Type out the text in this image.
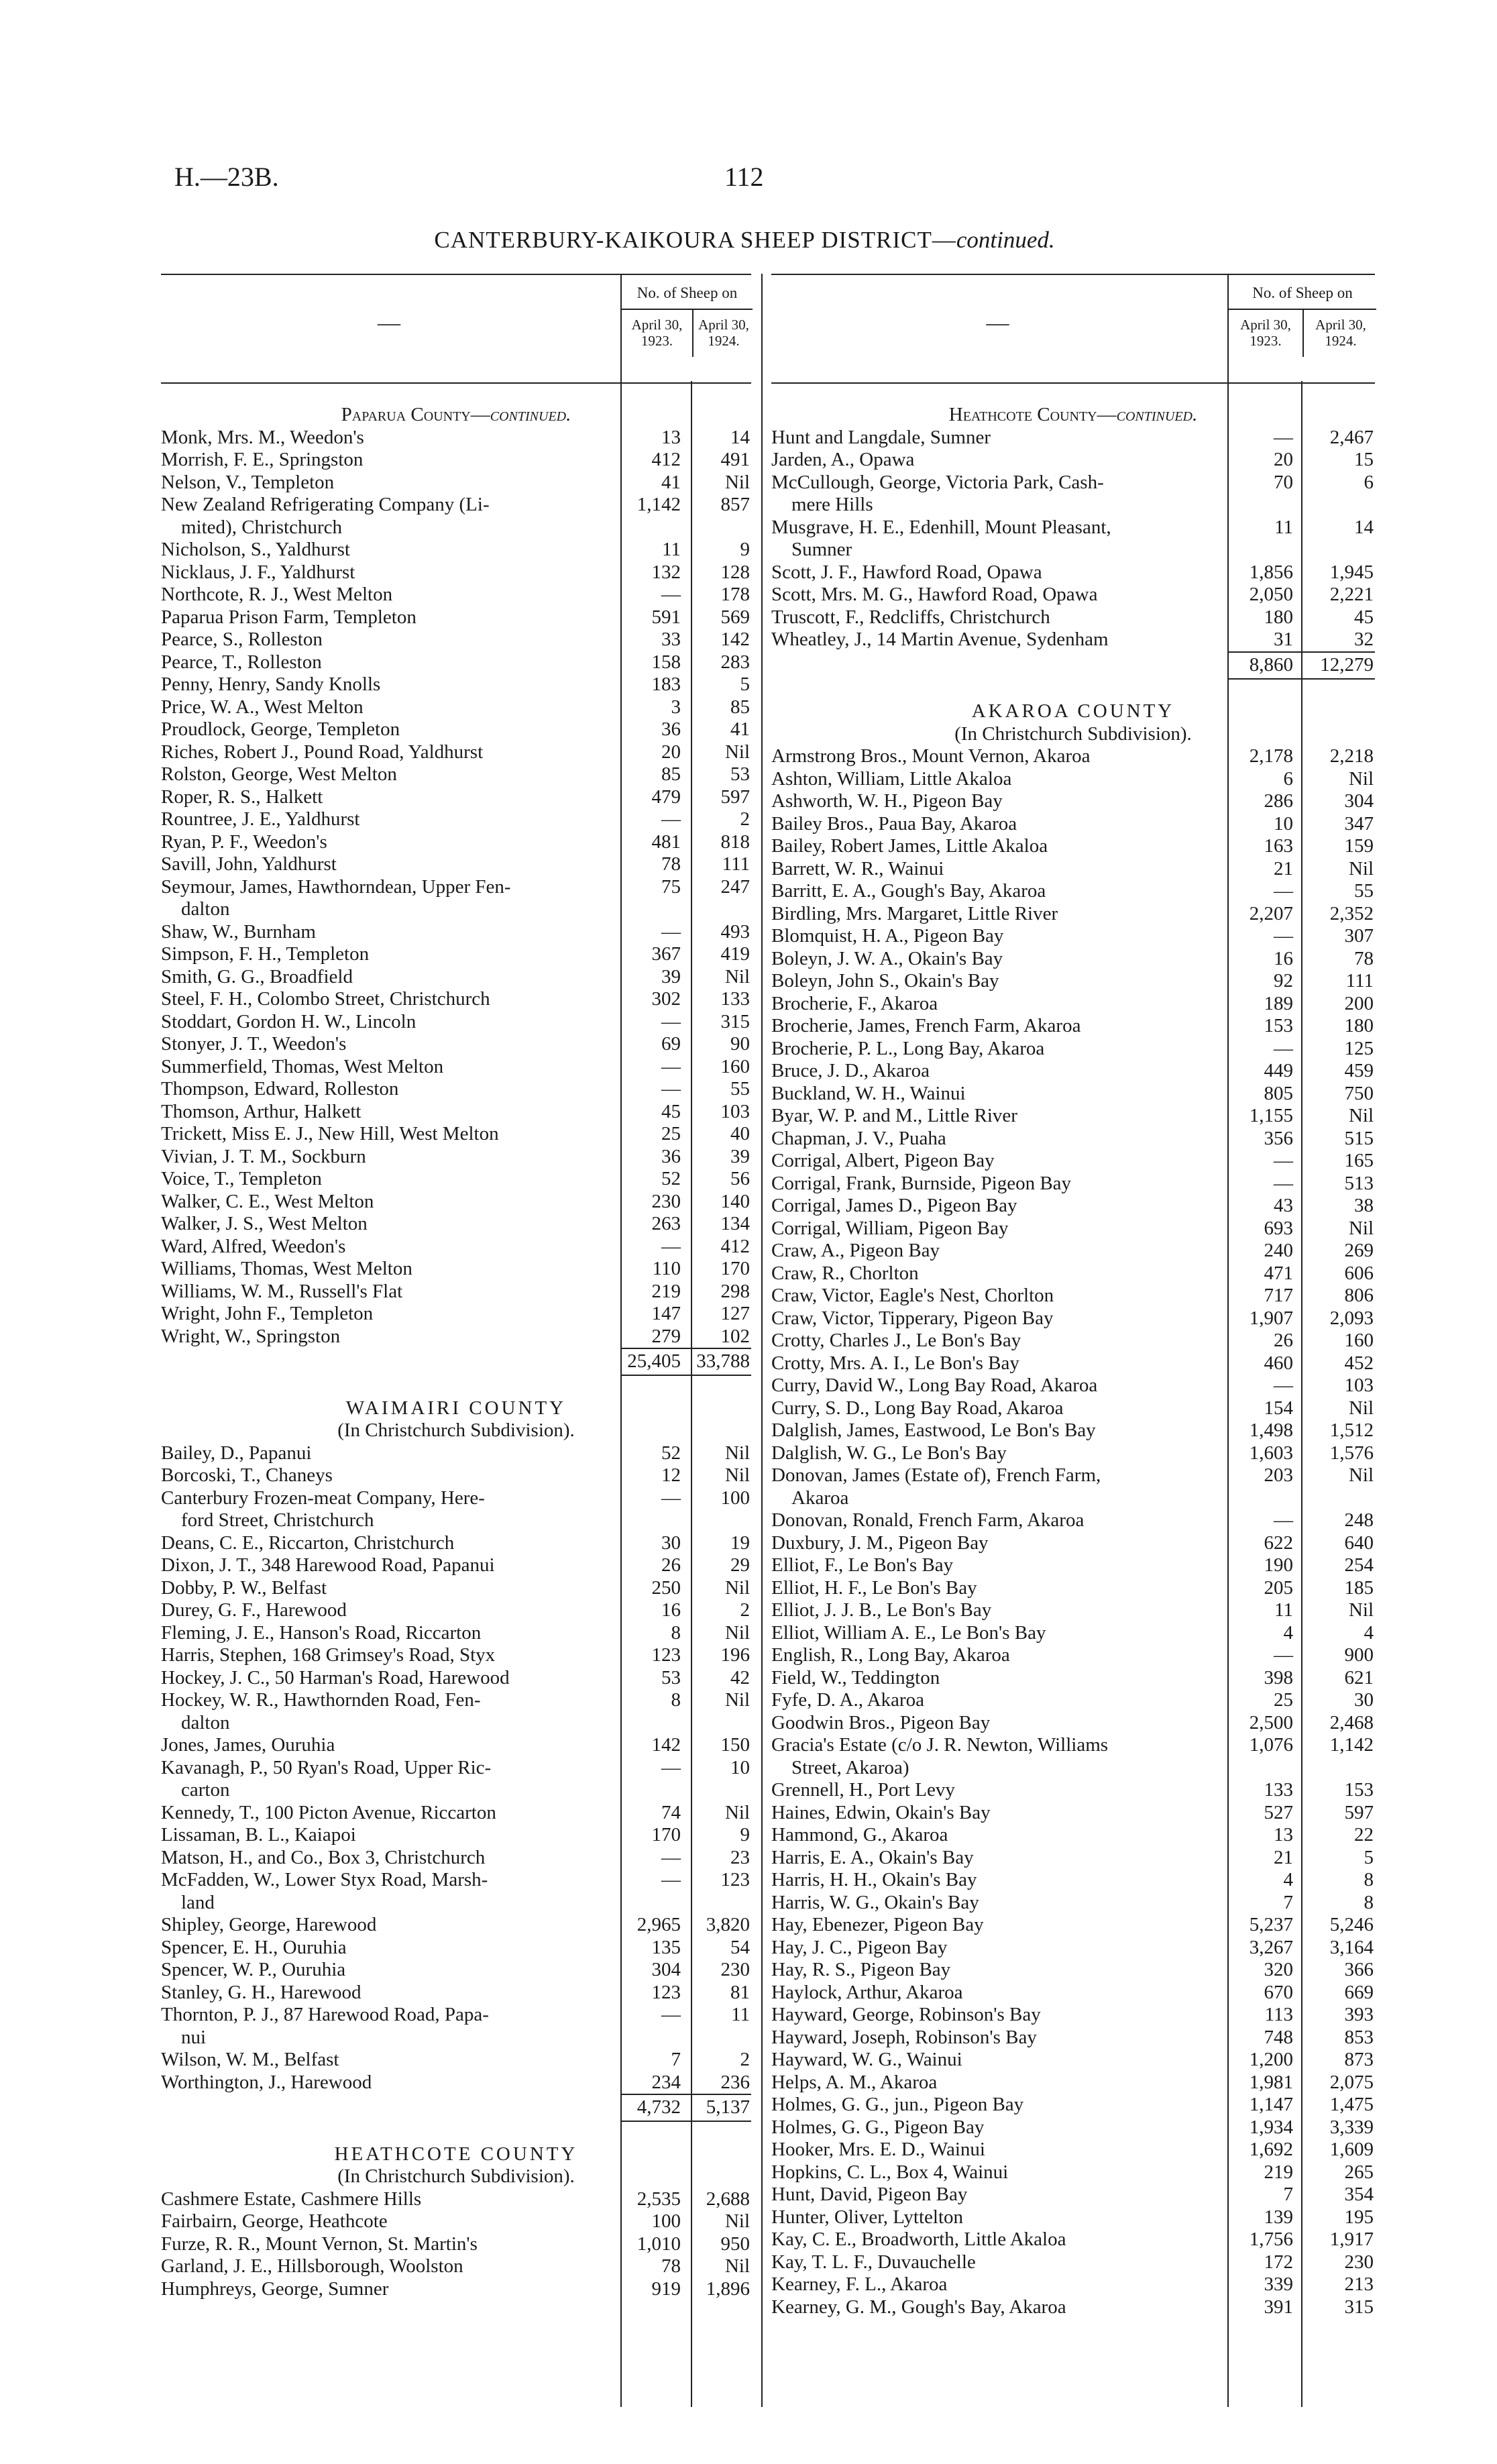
H.—23B.	112
CANTERBURY-KAIKOURA SHEEP DISTRICT—continued.
—
No. of Sheep on
April 30,
1923.
April 30,
1924.
Paparua County—continued.
Monk, Mrs. M., Weedon's	13	14
Morrish, F. E., Springston	412 491
Nelson, V., Templeton	41 Nil
New Zealand Refrigerating Company (Li-	1,142 857
mited), Christchurch
Nicholson, S., Yaldhurst	11	9
Nicklaus, J. F., Yaldhurst	132 128
Northcote, R. J., West Melton	— 178
Paparua Prison Farm, Templeton	591 569
Pearce, S., Rolleston	33 142
Pearce, T., Rolleston	158 283
Penny, Henry, Sandy Knolls	183	5
Price, W. A., West Melton	3	85
Proudlock, George, Templeton	36	41
Riches, Robert J., Pound Road, Yaldhurst	20 Nil
Rolston, George, West Melton	85	53
Roper, R. S., Halkett	479 597
Rountree, J. E., Yaldhurst	—	2
Ryan, P. F., Weedon's	481 818
Savill, John, Yaldhurst	78 111
Seymour, James, Hawthorndean, Upper Fen-	75 247
dalton
Shaw, W., Burnham	— 493
Simpson, F. H., Templeton	367 419
Smith, G. G., Broadfield	39 Nil
Steel, F. H., Colombo Street, Christchurch	302 133
Stoddart, Gordon H. W., Lincoln	— 315
Stonyer, J. T., Weedon's	69	90
Summerfield, Thomas, West Melton	— 160
Thompson, Edward, Rolleston	—	55
Thomson, Arthur, Halkett	45 103
Trickett, Miss E. J., New Hill, West Melton	25	40
Vivian, J. T. M., Sockburn	36	39
Voice, T., Templeton	52	56
Walker, C. E., West Melton	230 140
Walker, J. S., West Melton	263 134
Ward, Alfred, Weedon's	— 412
Williams, Thomas, West Melton	110 170
Williams, W. M., Russell's Flat	219 298
Wright, John F., Templeton	147 127
Wright, W., Springston	279 102
25,405 33,788
WAIMAIRI COUNTY
(In Christchurch Subdivision).
Bailey, D., Papanui	52 Nil
Borcoski, T., Chaneys	12 Nil
Canterbury Frozen-meat Company, Here-	— 100
ford Street, Christchurch
Deans, C. E., Riccarton, Christchurch	30	19
Dixon, J. T., 348 Harewood Road, Papanui	26	29
Dobby, P. W., Belfast	250 Nil
Durey, G. F., Harewood	16	2
Fleming, J. E., Hanson's Road, Riccarton	8 Nil
Harris, Stephen, 168 Grimsey's Road, Styx	123 196
Hockey, J. C., 50 Harman's Road, Harewood	53	42
Hockey, W. R., Hawthornden Road, Fen-	8 Nil
dalton
Jones, James, Ouruhia	142 150
Kavanagh, P., 50 Ryan's Road, Upper Ric-	—	10
carton
Kennedy, T., 100 Picton Avenue, Riccarton	74 Nil
Lissaman, B. L., Kaiapoi	170	9
Matson, H., and Co., Box 3, Christchurch	—	23
McFadden, W., Lower Styx Road, Marsh-	— 123
land
Shipley, George, Harewood	2,965 3,820
Spencer, E. H., Ouruhia	135	54
Spencer, W. P., Ouruhia	304 230
Stanley, G. H., Harewood	123	81
Thornton, P. J., 87 Harewood Road, Papa-	—	11
nui
Wilson, W. M., Belfast	7	2
Worthington, J., Harewood	234 236
4,732 5,137
HEATHCOTE COUNTY
(In Christchurch Subdivision).
Cashmere Estate, Cashmere Hills	2,535 2,688
Fairbairn, George, Heathcote	100 Nil
Furze, R. R., Mount Vernon, St. Martin's	1,010 950
Garland, J. E., Hillsborough, Woolston	78 Nil
Humphreys, George, Sumner	919 1,896
—
No. of Sheep on
April 30,
1923.
April 30,
1924.
Heathcote County—continued.
Hunt and Langdale, Sumner	— 2,467
Jarden, A., Opawa	20	15
McCullough, George, Victoria Park, Cash-	70	6
mere Hills
Musgrave, H. E., Edenhill, Mount Pleasant,	11	14
Sumner
Scott, J. F., Hawford Road, Opawa	1,856 1,945
Scott, Mrs. M. G., Hawford Road, Opawa	2,050 2,221
Truscott, F., Redcliffs, Christchurch	180	45
Wheatley, J., 14 Martin Avenue, Sydenham	31	32
8,860 12,279
AKAROA COUNTY
(In Christchurch Subdivision).
Armstrong Bros., Mount Vernon, Akaroa	2,178 2,218
Ashton, William, Little Akaloa	6	Nil
Ashworth, W. H., Pigeon Bay	286	304
Bailey Bros., Paua Bay, Akaroa	10	347
Bailey, Robert James, Little Akaloa	163	159
Barrett, W. R., Wainui	21	Nil
Barritt, E. A., Gough's Bay, Akaroa	—	55
Birdling, Mrs. Margaret, Little River	2,207 2,352
Blomquist, H. A., Pigeon Bay	—	307
Boleyn, J. W. A., Okain's Bay	16	78
Boleyn, John S., Okain's Bay	92	111
Brocherie, F., Akaroa	189	200
Brocherie, James, French Farm, Akaroa	153	180
Brocherie, P. L., Long Bay, Akaroa	—	125
Bruce, J. D., Akaroa	449	459
Buckland, W. H., Wainui	805	750
Byar, W. P. and M., Little River	1,155	Nil
Chapman, J. V., Puaha	356	515
Corrigal, Albert, Pigeon Bay	—	165
Corrigal, Frank, Burnside, Pigeon Bay	—	513
Corrigal, James D., Pigeon Bay	43	38
Corrigal, William, Pigeon Bay	693	Nil
Craw, A., Pigeon Bay	240	269
Craw, R., Chorlton	471	606
Craw, Victor, Eagle's Nest, Chorlton	717	806
Craw, Victor, Tipperary, Pigeon Bay	1,907 2,093
Crotty, Charles J., Le Bon's Bay	26	160
Crotty, Mrs. A. I., Le Bon's Bay	460	452
Curry, David W., Long Bay Road, Akaroa	—	103
Curry, S. D., Long Bay Road, Akaroa	154	Nil
Dalglish, James, Eastwood, Le Bon's Bay	1,498 1,512
Dalglish, W. G., Le Bon's Bay	1,603 1,576
Donovan, James (Estate of), French Farm,	203	Nil
Akaroa
Donovan, Ronald, French Farm, Akaroa	—	248
Duxbury, J. M., Pigeon Bay	622	640
Elliot, F., Le Bon's Bay	190	254
Elliot, H. F., Le Bon's Bay	205	185
Elliot, J. J. B., Le Bon's Bay	11	Nil
Elliot, William A. E., Le Bon's Bay	4	4
English, R., Long Bay, Akaroa	—	900
Field, W., Teddington	398	621
Fyfe, D. A., Akaroa	25	30
Goodwin Bros., Pigeon Bay	2,500 2,468
Gracia's Estate (c/o J. R. Newton, Williams	1,076 1,142
Street, Akaroa)
Grennell, H., Port Levy	133	153
Haines, Edwin, Okain's Bay	527	597
Hammond, G., Akaroa	13	22
Harris, E. A., Okain's Bay	21	5
Harris, H. H., Okain's Bay	4	8
Harris, W. G., Okain's Bay	7	8
Hay, Ebenezer, Pigeon Bay	5,237 5,246
Hay, J. C., Pigeon Bay	3,267 3,164
Hay, R. S., Pigeon Bay	320	366
Haylock, Arthur, Akaroa	670	669
Hayward, George, Robinson's Bay	113	393
Hayward, Joseph, Robinson's Bay	748	853
Hayward, W. G., Wainui	1,200	873
Helps, A. M., Akaroa	1,981 2,075
Holmes, G. G., jun., Pigeon Bay	1,147 1,475
Holmes, G. G., Pigeon Bay	1,934 3,339
Hooker, Mrs. E. D., Wainui	1,692 1,609
Hopkins, C. L., Box 4, Wainui	219	265
Hunt, David, Pigeon Bay	7	354
Hunter, Oliver, Lyttelton	139	195
Kay, C. E., Broadworth, Little Akaloa	1,756 1,917
Kay, T. L. F., Duvauchelle	172	230
Kearney, F. L., Akaroa	339	213
Kearney, G. M., Gough's Bay, Akaroa	391	315
